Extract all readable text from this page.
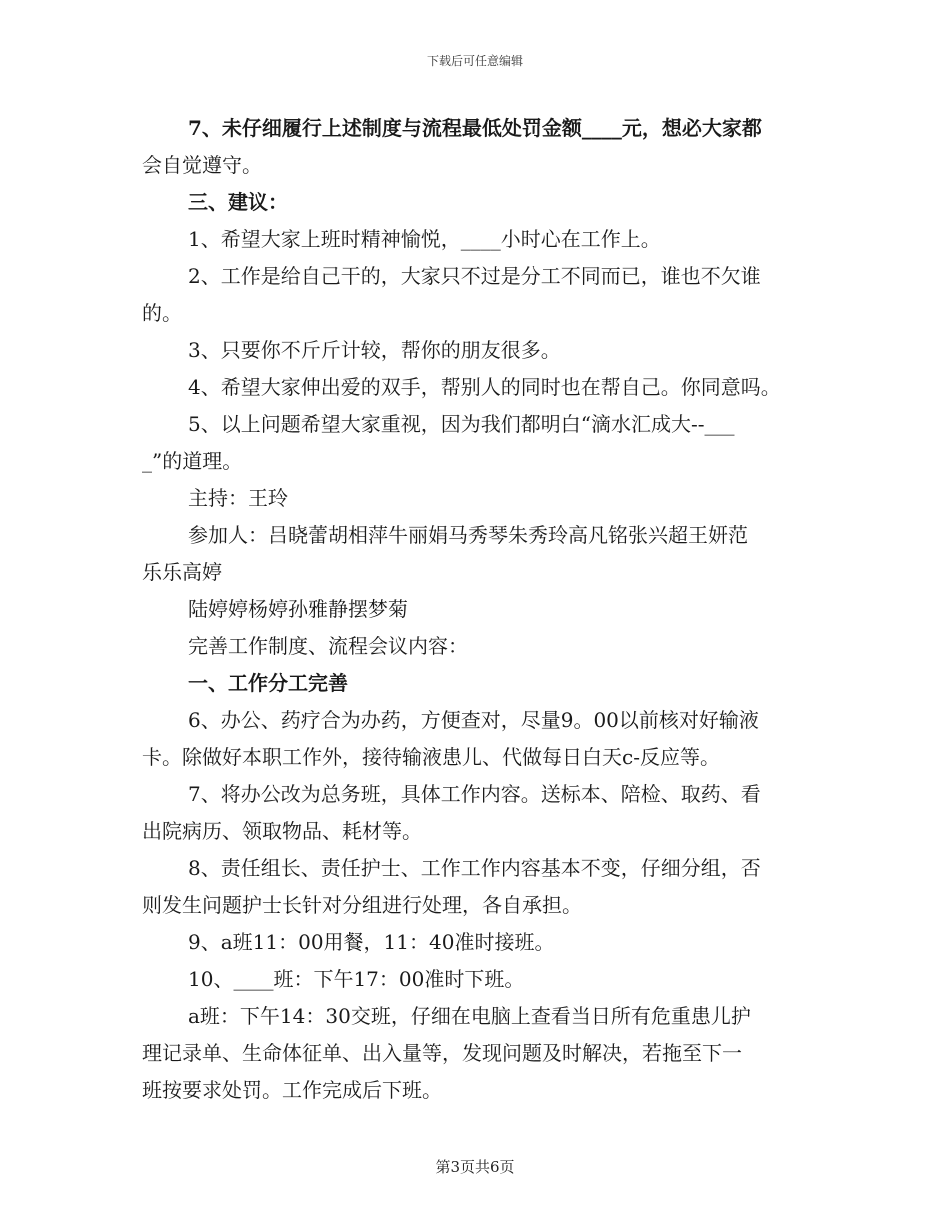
下载后可任意编辑
7、未仔细履行上述制度与流程最低处罚金额____元，想必大家都
会自觉遵守。
三、建议：
1、希望大家上班时精神愉悦，____小时心在工作上。
2、工作是给自己干的，大家只不过是分工不同而已，谁也不欠谁
的。
3、只要你不斤斤计较，帮你的朋友很多。
4、希望大家伸出爱的双手，帮别人的同时也在帮自己。你同意吗。
5、以上问题希望大家重视，因为我们都明白“滴水汇成大--___
_”的道理。
主持：王玲
参加人：吕晓蕾胡相萍牛丽娟马秀琴朱秀玲高凡铭张兴超王妍范
乐乐高婷
陆婷婷杨婷孙雅静摆梦菊
完善工作制度、流程会议内容：
一、工作分工完善
6、办公、药疗合为办药，方便查对，尽量9。00以前核对好输液
卡。除做好本职工作外，接待输液患儿、代做每日白天c-反应等。
7、将办公改为总务班，具体工作内容。送标本、陪检、取药、看
出院病历、领取物品、耗材等。
8、责任组长、责任护士、工作工作内容基本不变，仔细分组，否
则发生问题护士长针对分组进行处理，各自承担。
9、a班11：00用餐，11：40准时接班。
10、____班：下午17：00准时下班。
a班：下午14：30交班，仔细在电脑上查看当日所有危重患儿护
理记录单、生命体征单、出入量等，发现问题及时解决，若拖至下一
班按要求处罚。工作完成后下班。
第3页共6页
